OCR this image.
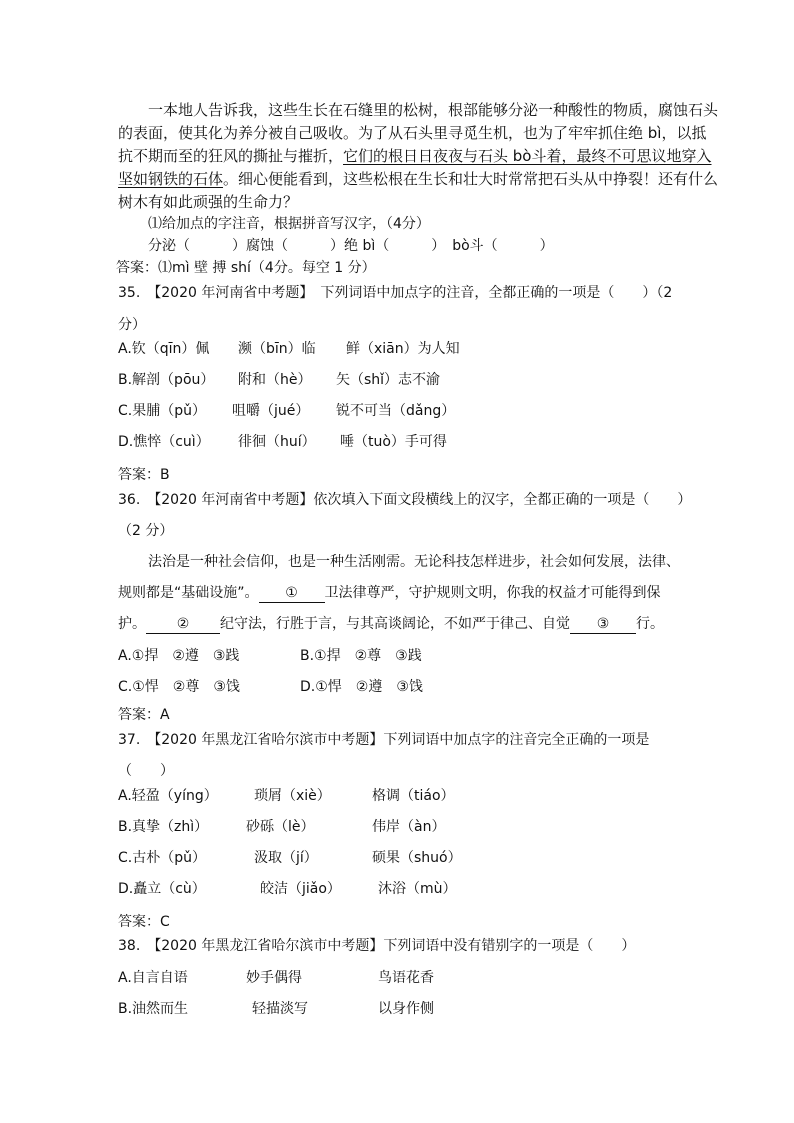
一本地人告诉我，这些生长在石缝里的松树，根部能够分泌一种酸性的物质，腐蚀石头
的表面，使其化为养分被自己吸收。为了从石头里寻觅生机，也为了牢牢抓住绝 bì，以抵
抗不期而至的狂风的撕扯与摧折，它们的根日日夜夜与石头 bò斗着，最终不可思议地穿入
坚如钢铁的石体。细心便能看到，这些松根在生长和壮大时常常把石头从中挣裂！还有什么
树木有如此顽强的生命力？
⑴给加点的字注音，根据拼音写汉字，（4分）
分泌（　　　）腐蚀（　　　）绝 bì（　　　）　bò斗（　　　）
答案：⑴mì 壁 搏 shí（4分。每空 1 分）
35.　【2020 年河南省中考题】　下列词语中加点字的注音，全都正确的一项是（　　）（2
分）
A.钦（qīn）佩 濒（bīn）临 鲜（xiān）为人知
B.解剖（pōu） 附和（hè） 矢（shǐ）志不渝
C.果脯（pǔ） 咀嚼（jué） 锐不可当（dǎng）
D.憔悴（cuì） 徘徊（huí） 唾（tuò）手可得
答案：B
36.　【2020 年河南省中考题】依次填入下面文段横线上的汉字，全都正确的一项是（　　）
（2 分）
法治是一种社会信仰，也是一种生活刚需。无论科技怎样进步，社会如何发展，法律、
规则都是“基础设施”。 ① 卫法律尊严，守护规则文明，你我的权益才可能得到保
护。 ② 纪守法，行胜于言，与其高谈阔论，不如严于律己、自觉 ③ 行。
A.①捍　②遵　③践	B.①捍　②尊　③践
C.①悍　②尊　③饯	D.①悍　②遵　③饯
答案：A
37.　【2020 年黑龙江省哈尔滨市中考题】下列词语中加点字的注音完全正确的一项是
（　　）
A.轻盈（yíng）	琐屑（xiè）	格调（tiáo）
B.真挚（zhì）	砂砾（lè）	伟岸（àn）
C.古朴（pǔ）	汲取（jí）	硕果（shuó）
D.矗立（cù）	皎洁（jiǎo）	沐浴（mù）
答案：C
38.　【2020 年黑龙江省哈尔滨市中考题】下列词语中没有错别字的一项是（　　）
A.自言自语	妙手偶得	鸟语花香
B.油然而生	轻描淡写	以身作侧
